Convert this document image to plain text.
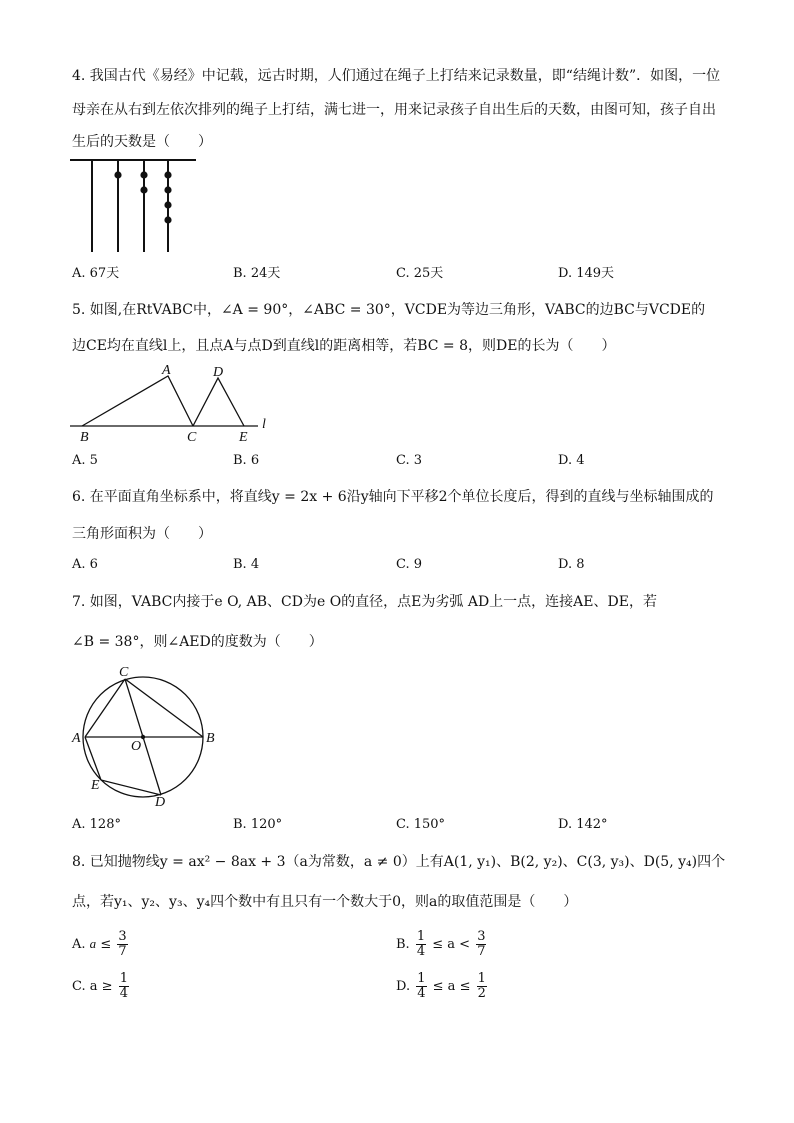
4. 我国古代《易经》中记载，远古时期，人们通过在绳子上打结来记录数量，即“结绳计数”．如图，一位
母亲在从右到左依次排列的绳子上打结，满七进一，用来记录孩子自出生后的天数，由图可知，孩子自出
生后的天数是（　　）
A. 67天	B. 24天	C. 25天	D. 149天
5. 如图,在RtVABC中，∠A = 90°，∠ABC = 30°，VCDE为等边三角形，VABC的边BC与VCDE的
边CE均在直线l上，且点A与点D到直线l的距离相等，若BC = 8，则DE的长为（　　）
A	D
B	C	E
l
A. 5	B. 6	C. 3	D. 4
6. 在平面直角坐标系中，将直线y = 2x + 6沿y轴向下平移2个单位长度后，得到的直线与坐标轴围成的
三角形面积为（　　）
A. 6	B. 4	C. 9	D. 8
7. 如图，VABC内接于e O, AB、CD为e O的直径，点E为劣弧 AD上一点，连接AE、DE，若
∠B = 38°，则∠AED的度数为（　　）
C
A
O
B
E
D
A. 128°	B. 120°	C. 150°	D. 142°
8. 已知抛物线y = ax² − 8ax + 3（a为常数，a ≠ 0）上有A(1, y₁)、B(2, y₂)、C(3, y₃)、D(5, y₄)四个
点，若y₁、y₂、y₃、y₄四个数中有且只有一个数大于0，则a的取值范围是（　　）
A. $a \le \frac{3}{7}$	B. $\frac{1}{4} \le a < \frac{3}{7}$
C. $a \ge \frac{1}{4}$	D. $\frac{1}{4} \le a \le \frac{1}{2}$
